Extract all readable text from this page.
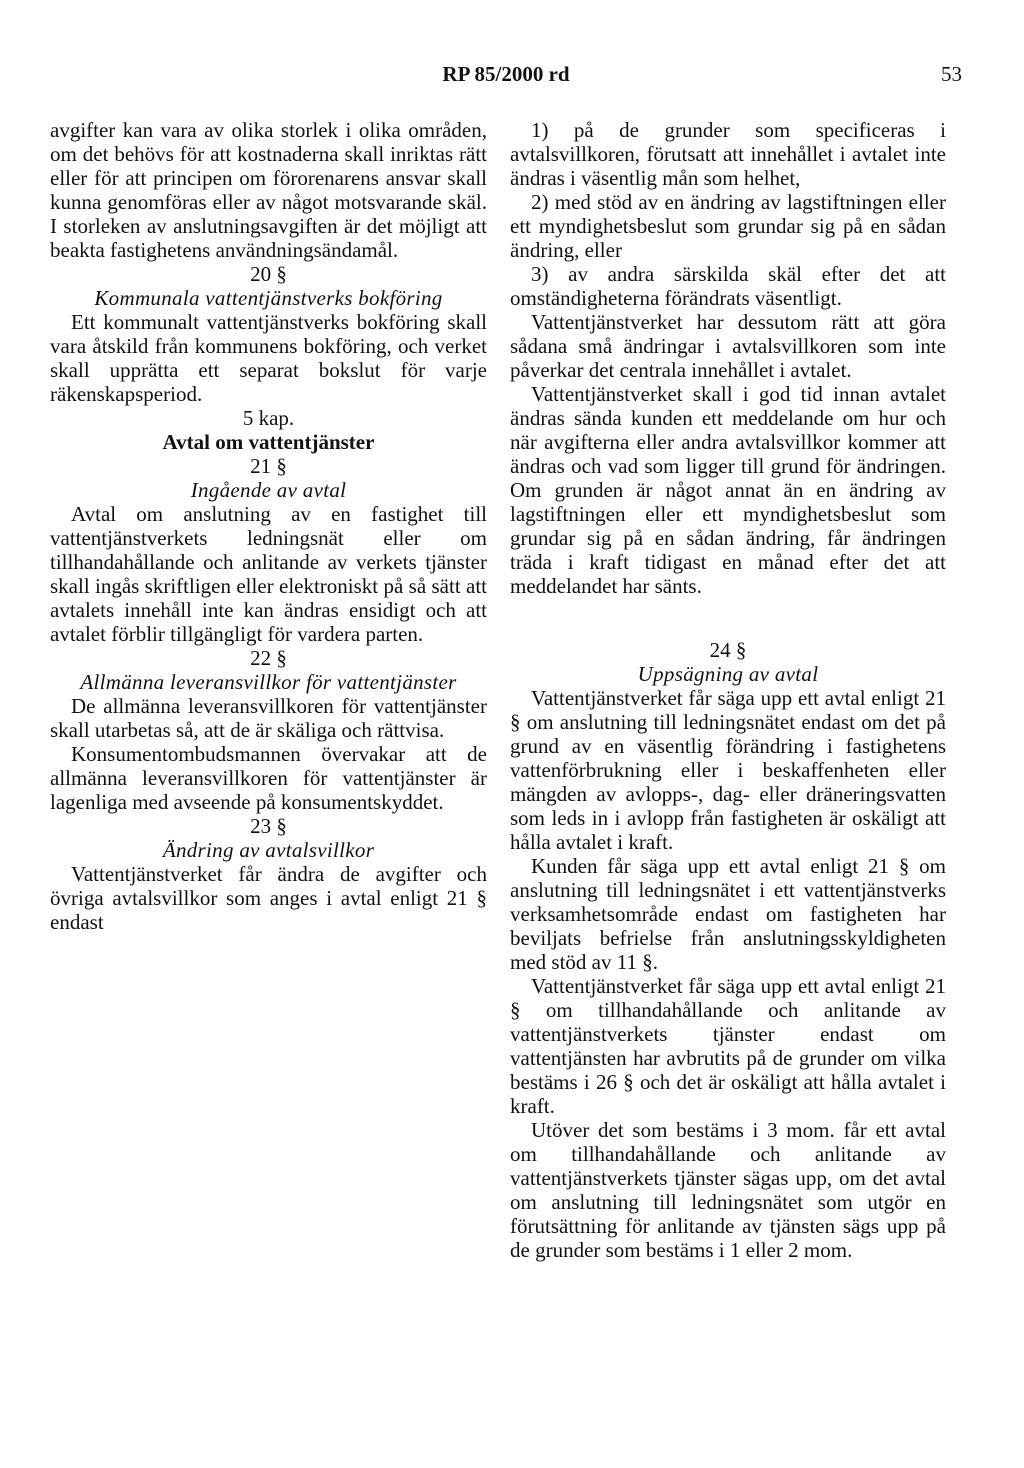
RP 85/2000 rd	53

avgifter kan vara av olika storlek i olika områden, om det behövs för att kostnaderna skall inriktas rätt eller för att principen om förorenarens ansvar skall kunna genomföras eller av något motsvarande skäl. I storleken av anslutningsavgiften är det möjligt att beakta fastighetens användningsändamål.

20 §

Kommunala vattentjänstverks bokföring

Ett kommunalt vattentjänstverks bokföring skall vara åtskild från kommunens bokföring, och verket skall upprätta ett separat bokslut för varje räkenskapsperiod.

5 kap.

Avtal om vattentjänster

21 §

Ingående av avtal

Avtal om anslutning av en fastighet till vattentjänstverkets ledningsnät eller om tillhandahållande och anlitande av verkets tjänster skall ingås skriftligen eller elektroniskt på så sätt att avtalets innehåll inte kan ändras ensidigt och att avtalet förblir tillgängligt för vardera parten.

22 §

Allmänna leveransvillkor för vattentjänster

De allmänna leveransvillkoren för vattentjänster skall utarbetas så, att de är skäliga och rättvisa.

Konsumentombudsmannen övervakar att de allmänna leveransvillkoren för vattentjänster är lagenliga med avseende på konsumentskyddet.

23 §

Ändring av avtalsvillkor

Vattentjänstverket får ändra de avgifter och övriga avtalsvillkor som anges i avtal enligt 21 § endast

1) på de grunder som specificeras i avtalsvillkoren, förutsatt att innehållet i avtalet inte ändras i väsentlig mån som helhet,

2) med stöd av en ändring av lagstiftningen eller ett myndighetsbeslut som grundar sig på en sådan ändring, eller

3) av andra särskilda skäl efter det att omständigheterna förändrats väsentligt.

Vattentjänstverket har dessutom rätt att göra sådana små ändringar i avtalsvillkoren som inte påverkar det centrala innehållet i avtalet.

Vattentjänstverket skall i god tid innan avtalet ändras sända kunden ett meddelande om hur och när avgifterna eller andra avtalsvillkor kommer att ändras och vad som ligger till grund för ändringen. Om grunden är något annat än en ändring av lagstiftningen eller ett myndighetsbeslut som grundar sig på en sådan ändring, får ändringen träda i kraft tidigast en månad efter det att meddelandet har sänts.

24 §

Uppsägning av avtal

Vattentjänstverket får säga upp ett avtal enligt 21 § om anslutning till ledningsnätet endast om det på grund av en väsentlig förändring i fastighetens vattenförbrukning eller i beskaffenheten eller mängden av avlopps-, dag- eller dräneringsvatten som leds in i avlopp från fastigheten är oskäligt att hålla avtalet i kraft.

Kunden får säga upp ett avtal enligt 21 § om anslutning till ledningsnätet i ett vattentjänstverks verksamhetsområde endast om fastigheten har beviljats befrielse från anslutningsskyldigheten med stöd av 11 §.

Vattentjänstverket får säga upp ett avtal enligt 21 § om tillhandahållande och anlitande av vattentjänstverkets tjänster endast om vattentjänsten har avbrutits på de grunder om vilka bestäms i 26 § och det är oskäligt att hålla avtalet i kraft.

Utöver det som bestäms i 3 mom. får ett avtal om tillhandahållande och anlitande av vattentjänstverkets tjänster sägas upp, om det avtal om anslutning till ledningsnätet som utgör en förutsättning för anlitande av tjänsten sägs upp på de grunder som bestäms i 1 eller 2 mom.
